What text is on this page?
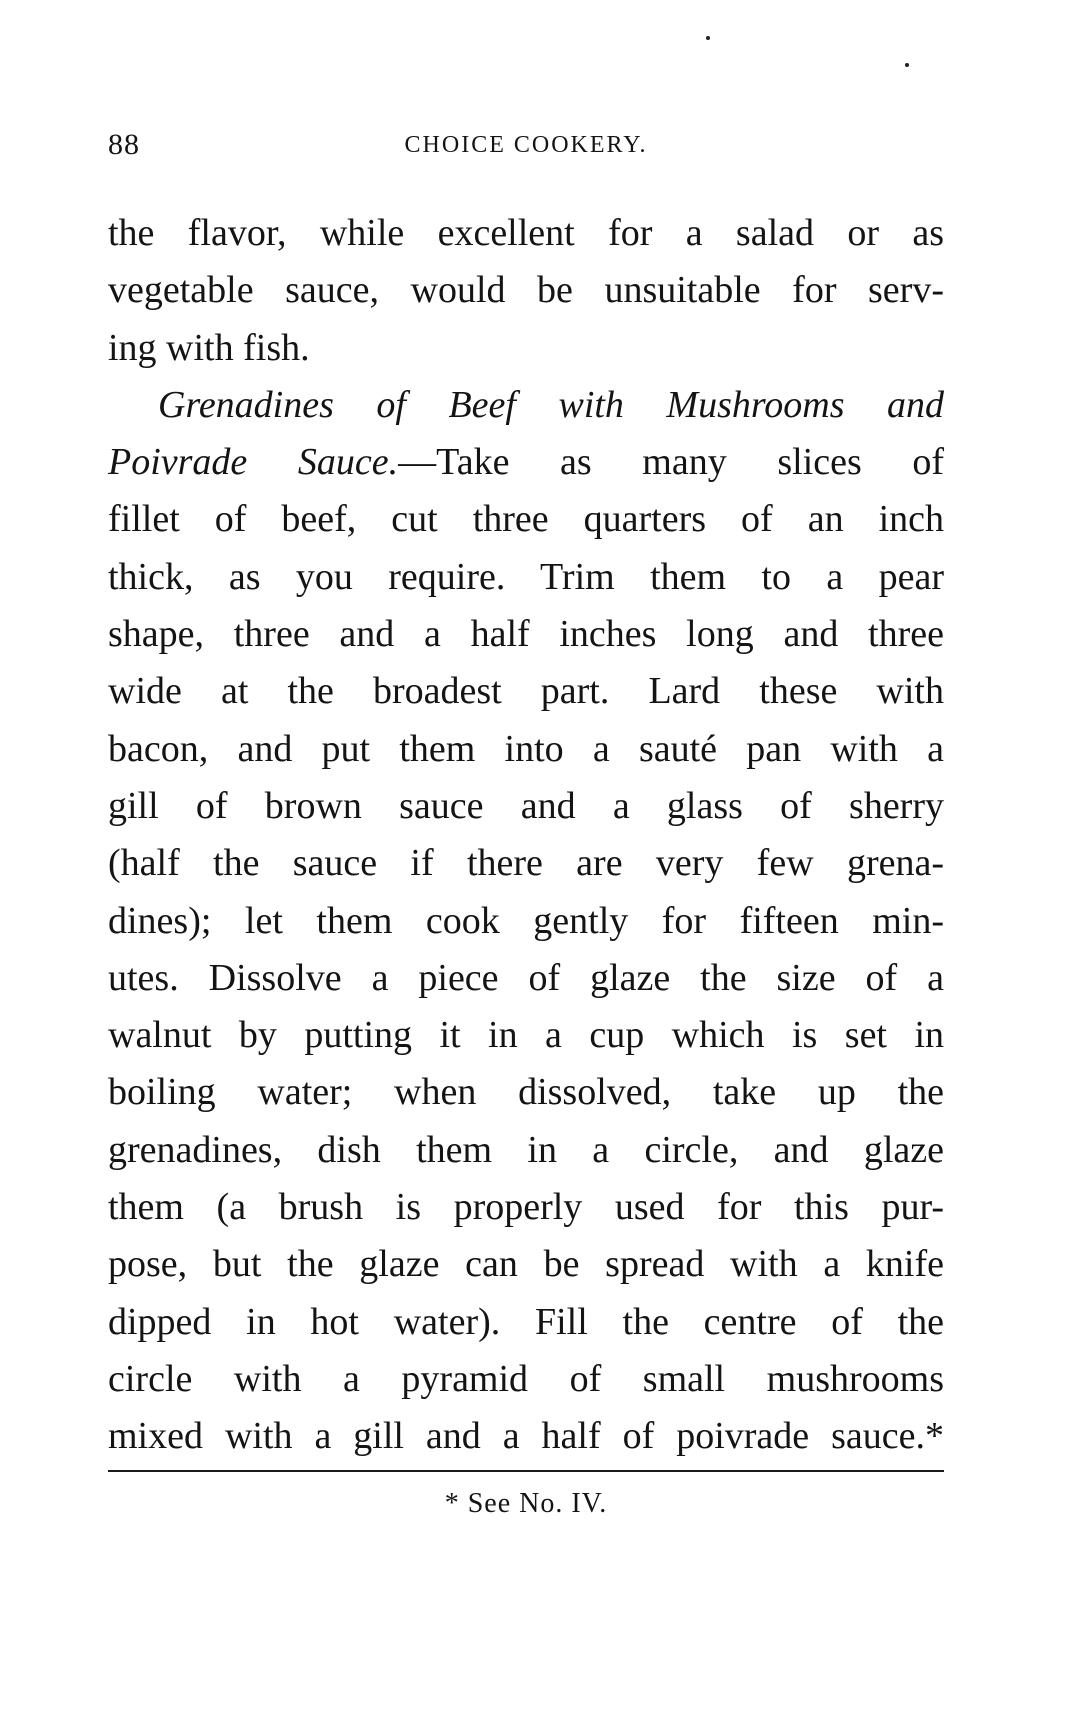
88	CHOICE COOKERY.
the flavor, while excellent for a salad or as
vegetable sauce, would be unsuitable for serv-
ing with fish.
Grenadines of Beef with Mushrooms and
Poivrade Sauce.—Take as many slices of
fillet of beef, cut three quarters of an inch
thick, as you require. Trim them to a pear
shape, three and a half inches long and three
wide at the broadest part. Lard these with
bacon, and put them into a sauté pan with a
gill of brown sauce and a glass of sherry
(half the sauce if there are very few grena-
dines); let them cook gently for fifteen min-
utes. Dissolve a piece of glaze the size of a
walnut by putting it in a cup which is set in
boiling water; when dissolved, take up the
grenadines, dish them in a circle, and glaze
them (a brush is properly used for this pur-
pose, but the glaze can be spread with a knife
dipped in hot water). Fill the centre of the
circle with a pyramid of small mushrooms
mixed with a gill and a half of poivrade sauce.*
* See No. IV.
